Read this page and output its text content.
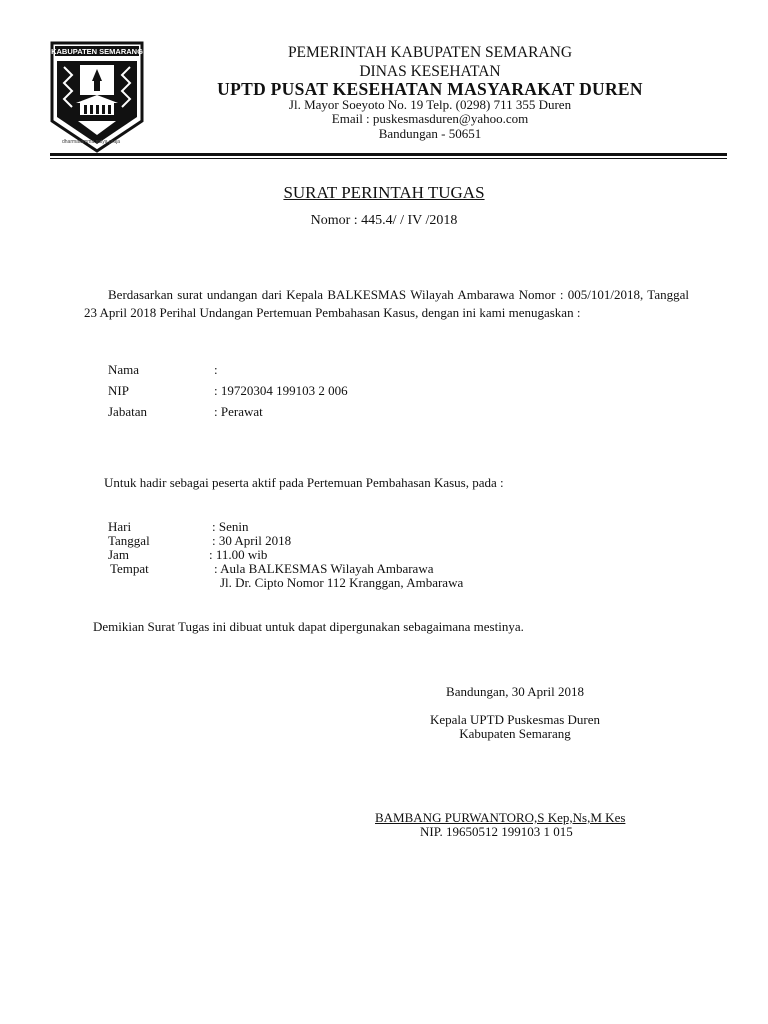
KABUPATEN SEMARANG
dharmatamma satya praja
PEMERINTAH KABUPATEN SEMARANG
DINAS KESEHATAN
UPTD PUSAT KESEHATAN MASYARAKAT DUREN
Jl. Mayor Soeyoto No. 19 Telp. (0298) 711 355 Duren
Email : puskesmasduren@yahoo.com
Bandungan - 50651
SURAT PERINTAH TUGAS
Nomor : 445.4/ / IV /2018
Berdasarkan surat undangan dari Kepala BALKESMAS Wilayah Ambarawa Nomor : 005/101/2018, Tanggal 23 April 2018 Perihal Undangan Pertemuan Pembahasan Kasus, dengan ini kami menugaskan :
Nama	:
NIP	: 19720304 199103 2 006
Jabatan	: Perawat
Untuk hadir sebagai peserta aktif pada Pertemuan Pembahasan Kasus, pada :
Hari	: Senin
Tanggal	: 30 April 2018
Jam	: 11.00 wib
Tempat	: Aula BALKESMAS Wilayah Ambarawa
Jl. Dr. Cipto Nomor 112 Kranggan, Ambarawa
Demikian Surat Tugas ini dibuat untuk dapat dipergunakan sebagaimana mestinya.
Bandungan, 30 April 2018
Kepala UPTD Puskesmas Duren
Kabupaten Semarang
BAMBANG PURWANTORO,S Kep,Ns,M Kes
NIP. 19650512 199103 1 015
